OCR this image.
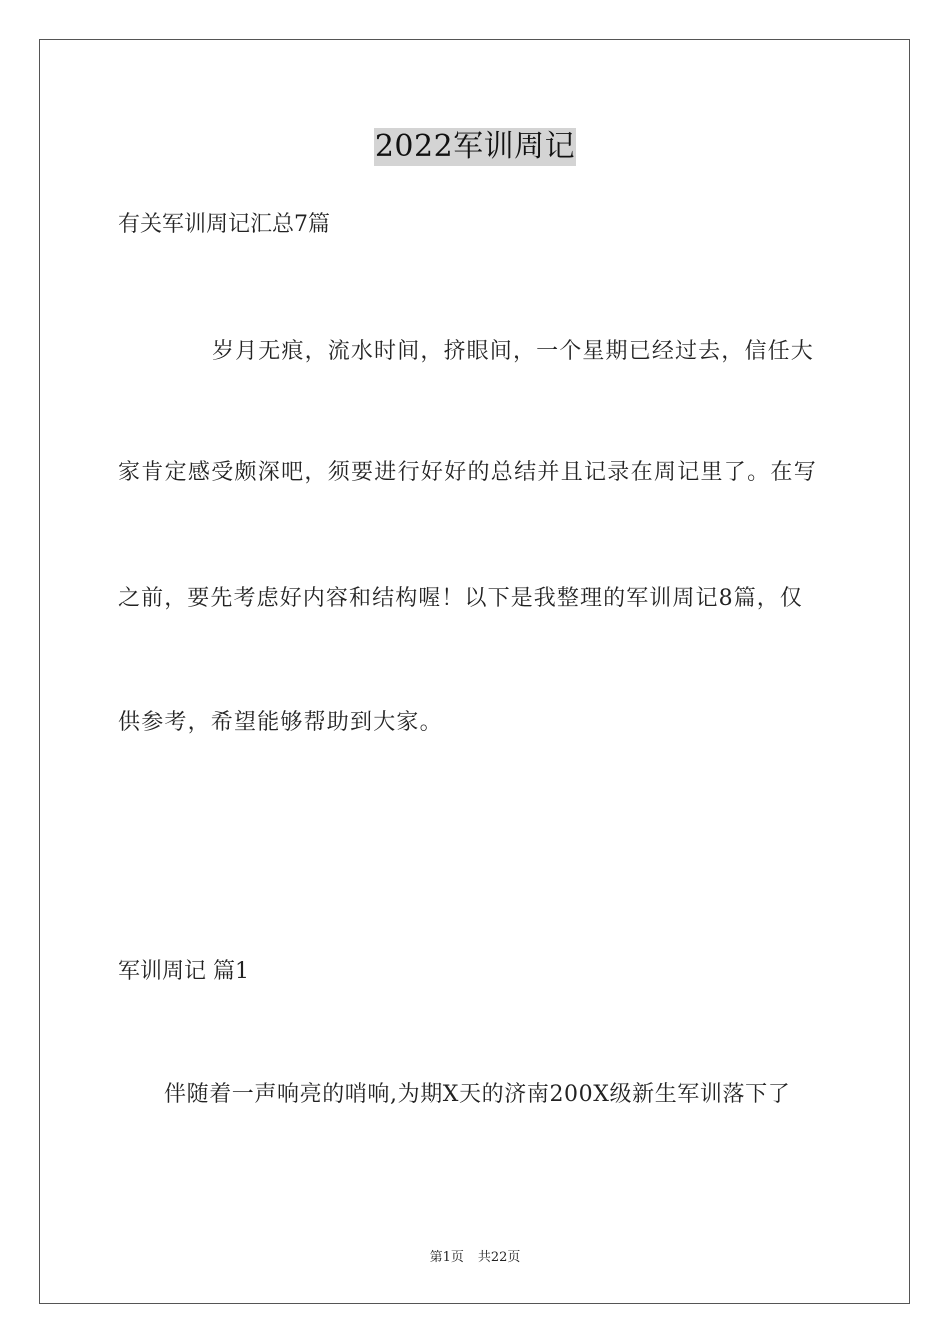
2022军训周记
有关军训周记汇总7篇
岁月无痕，流水时间，挤眼间，一个星期已经过去，信任大
家肯定感受颇深吧，须要进行好好的总结并且记录在周记里了。在写
之前，要先考虑好内容和结构喔！以下是我整理的军训周记8篇，仅
供参考，希望能够帮助到大家。
军训周记 篇1
伴随着一声响亮的哨响,为期X天的济南200X级新生军训落下了
第1页 共22页
